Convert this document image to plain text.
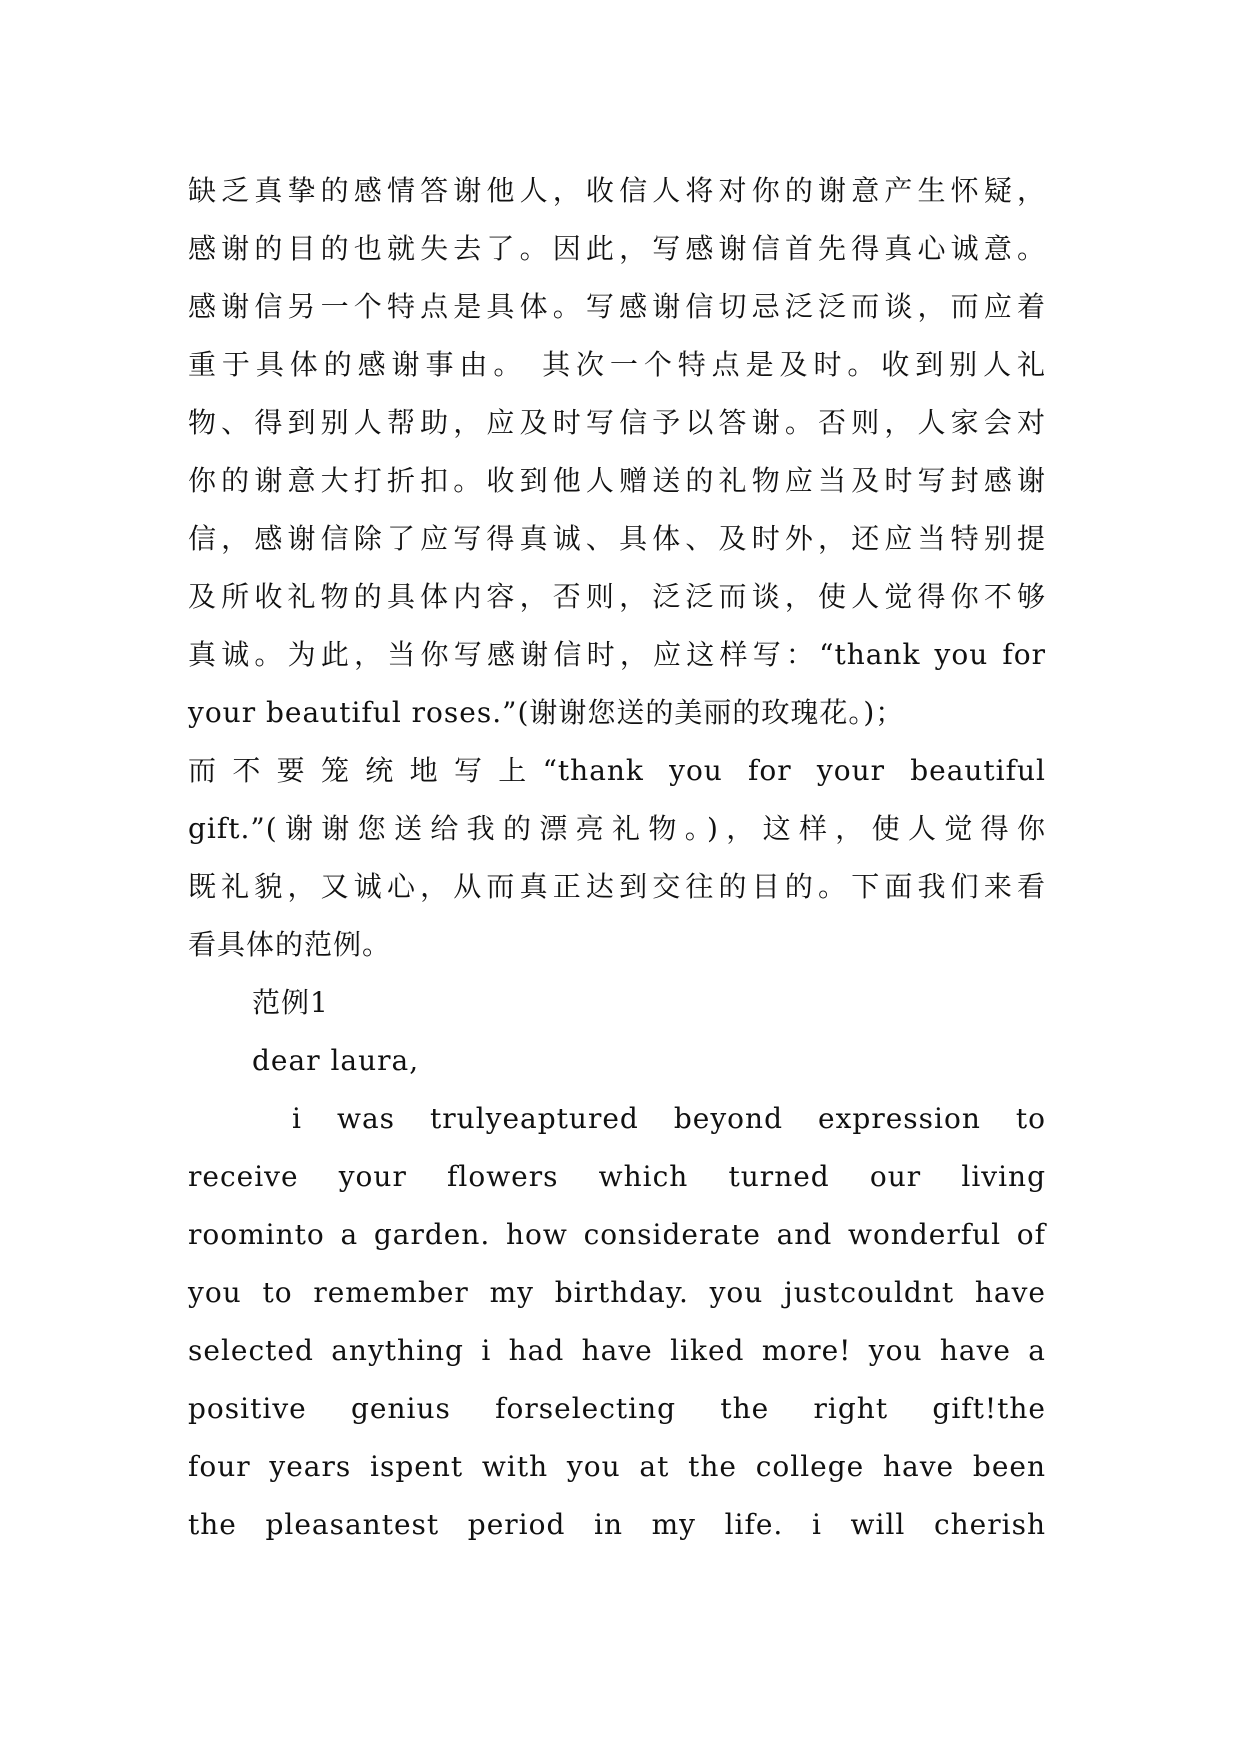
缺乏真挚的感情答谢他人，收信人将对你的谢意产生怀疑，
感谢的目的也就失去了。因此，写感谢信首先得真心诚意。
感谢信另一个特点是具体。写感谢信切忌泛泛而谈，而应着
重于具体的感谢事由。 其次一个特点是及时。收到别人礼
物、得到别人帮助，应及时写信予以答谢。否则，人家会对
你的谢意大打折扣。收到他人赠送的礼物应当及时写封感谢
信，感谢信除了应写得真诚、具体、及时外，还应当特别提
及所收礼物的具体内容，否则，泛泛而谈，使人觉得你不够
真诚。为此，当你写感谢信时，应这样写：“thank you for
your beautiful roses.”(谢谢您送的美丽的玫瑰花。)；
而不要笼统地写上“thank you for your beautiful
gift.”(谢谢您送给我的漂亮礼物。)，这样，使人觉得你
既礼貌，又诚心，从而真正达到交往的目的。下面我们来看
看具体的范例。
范例1
dear laura,
i was trulyeaptured beyond expression to
receive your flowers which turned our living
roominto a garden. how considerate and wonderful of
you to remember my birthday. you justcouldnt have
selected anything i had have liked more! you have a
positive genius forselecting the right gift!the
four years ispent with you at the college have been
the pleasantest period in my life. i will cherish
